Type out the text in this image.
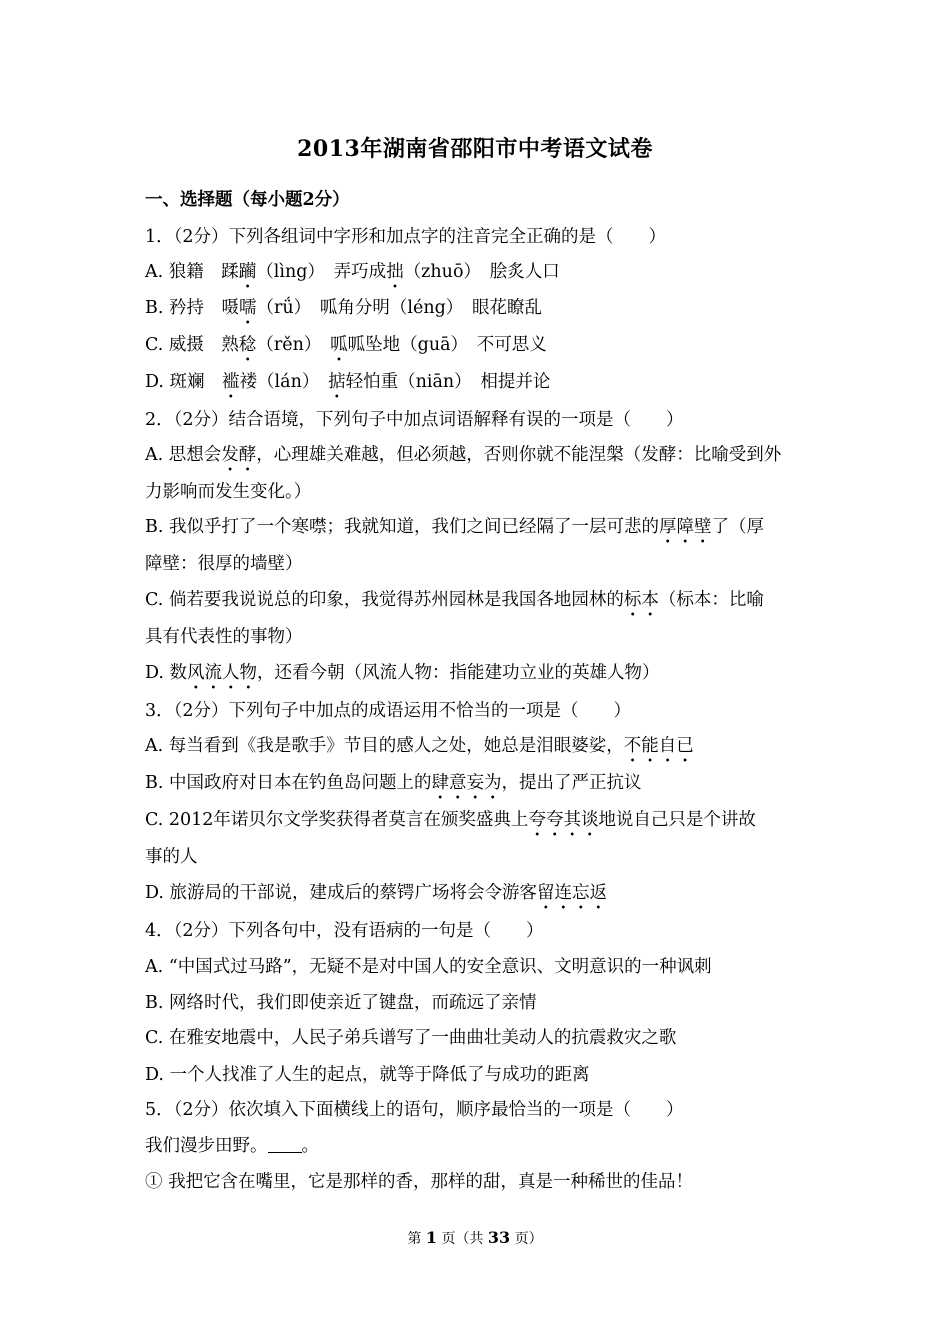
2013年湖南省邵阳市中考语文试卷
一、选择题（每小题2分）
1．（2分）下列各组词中字形和加点字的注音完全正确的是（　　）
A. 狼籍　蹂躏（lìng）　弄巧成拙（zhuō）　脍炙人口
B. 矜持　嗫嚅（rǘ）　呱角分明（léng）　眼花瞭乱
C. 威摄　熟稔（rěn）　呱呱坠地（guā）　不可思义
D. 斑斓　褴褛（lán）　掂轻怕重（niān）　相提并论
2．（2分）结合语境，下列句子中加点词语解释有误的一项是（　　）
A. 思想会发酵，心理雄关难越，但必须越，否则你就不能涅槃（发酵：比喻受到外
力影响而发生变化。）
B. 我似乎打了一个寒噤；我就知道，我们之间已经隔了一层可悲的厚障壁了（厚
障壁：很厚的墙壁）
C. 倘若要我说说总的印象，我觉得苏州园林是我国各地园林的标本（标本：比喻
具有代表性的事物）
D. 数风流人物，还看今朝（风流人物：指能建功立业的英雄人物）
3．（2分）下列句子中加点的成语运用不恰当的一项是（　　）
A. 每当看到《我是歌手》节目的感人之处，她总是泪眼婆娑，不能自已
B. 中国政府对日本在钓鱼岛问题上的肆意妄为，提出了严正抗议
C. 2012年诺贝尔文学奖获得者莫言在颁奖盛典上夸夸其谈地说自己只是个讲故
事的人
D. 旅游局的干部说，建成后的蔡锷广场将会令游客留连忘返
4．（2分）下列各句中，没有语病的一句是（　　）
A. “中国式过马路”，无疑不是对中国人的安全意识、文明意识的一种讽刺
B. 网络时代，我们即使亲近了键盘，而疏远了亲情
C. 在雅安地震中，人民子弟兵谱写了一曲曲壮美动人的抗震救灾之歌
D. 一个人找准了人生的起点，就等于降低了与成功的距离
5．（2分）依次填入下面横线上的语句，顺序最恰当的一项是（　　）
我们漫步田野。 。
① 我把它含在嘴里，它是那样的香，那样的甜，真是一种稀世的佳品！
第 1 页（共 33 页）
